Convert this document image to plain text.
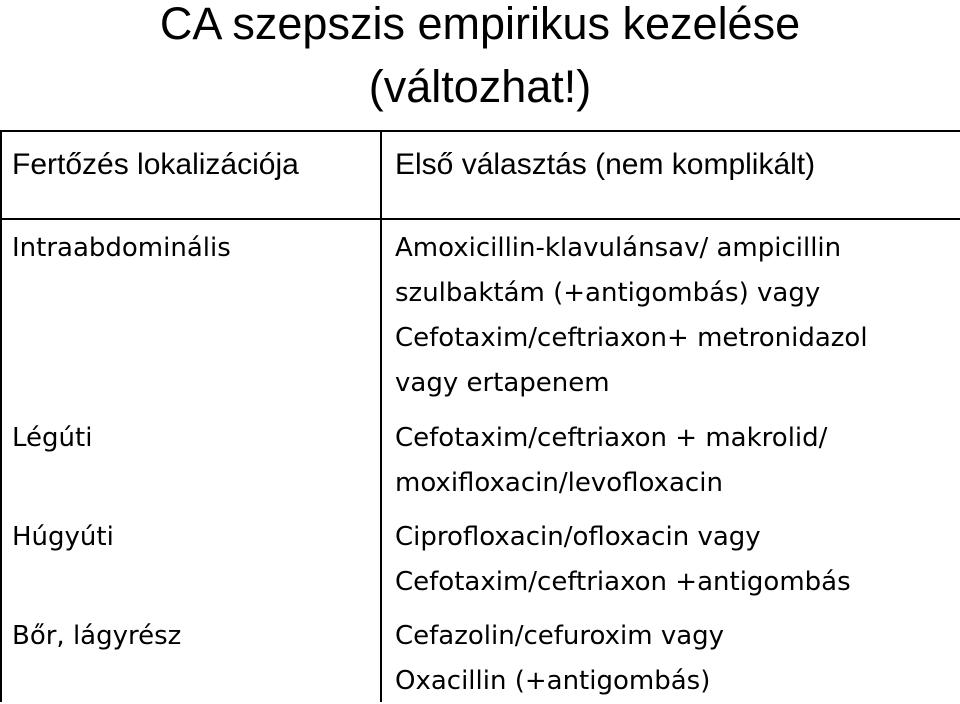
CA szepszis empirikus kezelése
(változhat!)
Fertőzés lokalizációja	Első választás (nem komplikált)
Intraabdominális	Amoxicillin-klavulánsav/ ampicillin
szulbaktám (+antigombás) vagy
Cefotaxim/ceftriaxon+ metronidazol
vagy ertapenem
Légúti	Cefotaxim/ceftriaxon + makrolid/
moxifloxacin/levofloxacin
Húgyúti	Ciprofloxacin/ofloxacin vagy
Cefotaxim/ceftriaxon +antigombás
Bőr, lágyrész	Cefazolin/cefuroxim vagy
Oxacillin (+antigombás)
